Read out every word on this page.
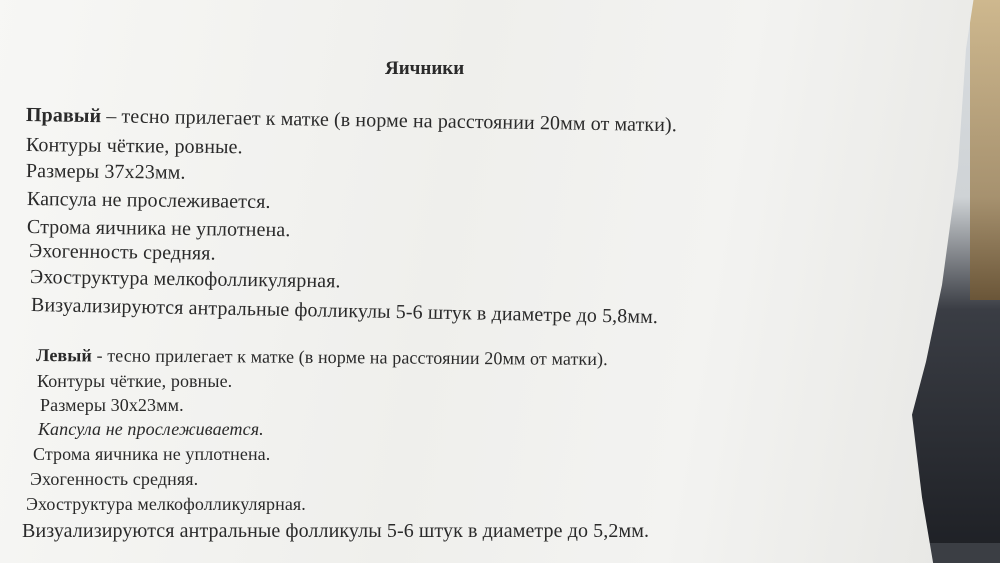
Яичники
Правый – тесно прилегает к матке (в норме на расстоянии 20мм от матки).
Контуры чёткие, ровные.
Размеры 37х23мм.
Капсула не прослеживается.
Строма яичника не уплотнена.
Эхогенность средняя.
Эхоструктура мелкофолликулярная.
Визуализируются антральные фолликулы 5-6 штук в диаметре до 5,8мм.
Левый - тесно прилегает к матке (в норме на расстоянии 20мм от матки).
Контуры чёткие, ровные.
Размеры 30х23мм.
Капсула не прослеживается.
Строма яичника не уплотнена.
Эхогенность средняя.
Эхоструктура мелкофолликулярная.
Визуализируются антральные фолликулы 5-6 штук в диаметре до 5,2мм.
